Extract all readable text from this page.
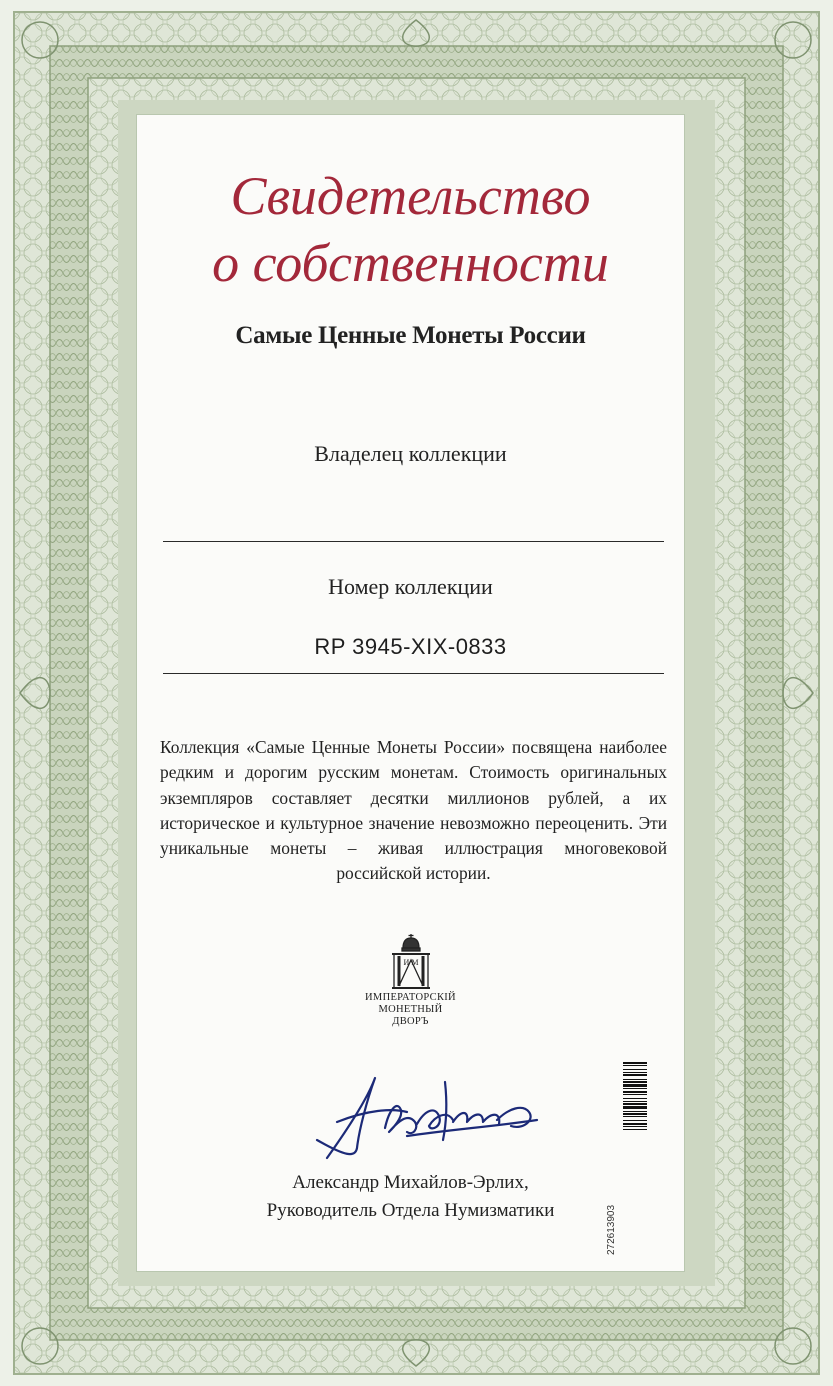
Свидетельство
о собственности
Самые Ценные Монеты России
Владелец коллекции
Номер коллекции
RP 3945-XIX-0833

Коллекция «Самые Ценные Монеты России» посвящена наиболее редким и дорогим русским монетам. Стоимость оригинальных экземпляров составляет десятки миллионов рублей, а их историческое и культурное значение невозможно переоценить. Эти уникальные монеты – живая иллюстрация многовековой российской истории.

И М
ИМПЕРАТОРСКІЙ
МОНЕТНЫЙ
ДВОРЪ
272613903
Александр Михайлов-Эрлих,
Руководитель Отдела Нумизматики
